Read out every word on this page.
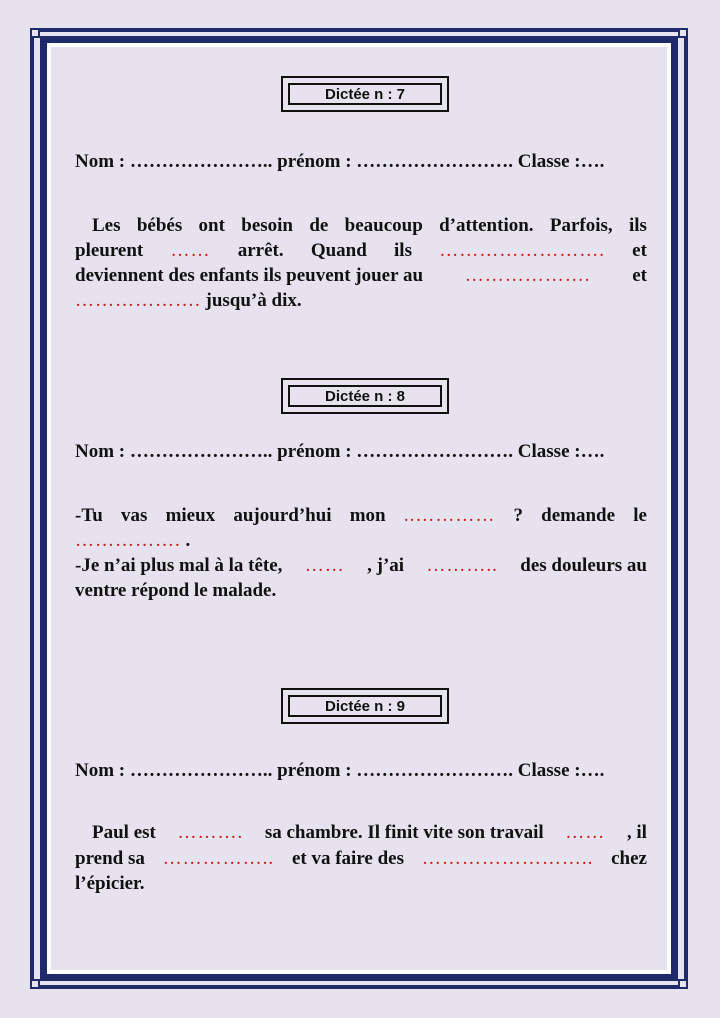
Dictée n : 7
Nom : ………………….. prénom : ……………………. Classe :….
Les bébés ont besoin de beaucoup d’attention. Parfois, ils
pleurent …… arrêt. Quand ils ……………………. et
deviennent des enfants ils peuvent jouer au ………………. et
………………. jusqu’à dix.
Dictée n : 8
Nom : ………………….. prénom : ……………………. Classe :….
-Tu vas mieux aujourd’hui mon ..………… ? demande le
……………. .
-Je n’ai plus mal à la tête, …… , j’ai ……….. des douleurs au
ventre répond le malade.
Dictée n : 9
Nom : ………………….. prénom : ……………………. Classe :….
Paul est ………. sa chambre. Il finit vite son travail …… , il
prend sa …………….. et va faire des …………………….. chez
l’épicier.
